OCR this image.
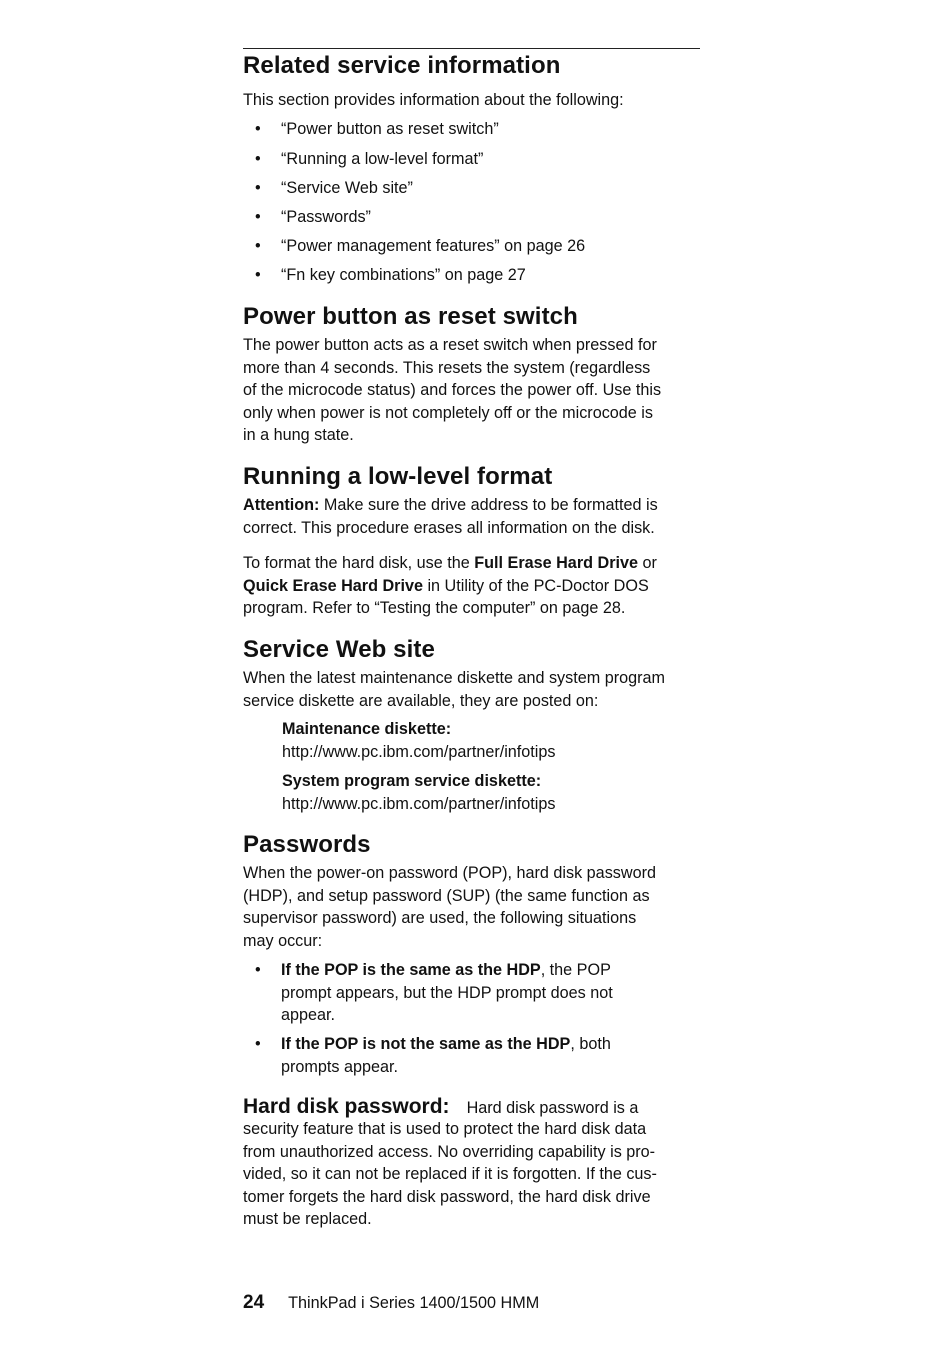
Related service information

This section provides information about the following:

• “Power button as reset switch”
• “Running a low-level format”
• “Service Web site”
• “Passwords”
• “Power management features” on page 26
• “Fn key combinations” on page 27
Power button as reset switch

The power button acts as a reset switch when pressed for

more than 4 seconds. This resets the system (regardless

of the microcode status) and forces the power off. Use this

only when power is not completely off or the microcode is

in a hung state.

Running a low-level format

Attention: Make sure the drive address to be formatted is

correct. This procedure erases all information on the disk.

To format the hard disk, use the Full Erase Hard Drive or

Quick Erase Hard Drive in Utility of the PC-Doctor DOS

program. Refer to “Testing the computer” on page 28.

Service Web site

When the latest maintenance diskette and system program

service diskette are available, they are posted on:

Maintenance diskette:
http://www.pc.ibm.com/partner/infotips
System program service diskette:
http://www.pc.ibm.com/partner/infotips
Passwords

When the power-on password (POP), hard disk password

(HDP), and setup password (SUP) (the same function as

supervisor password) are used, the following situations

may occur:

• If the POP is the same as the HDP, the POP
prompt appears, but the HDP prompt does not
appear.
• If the POP is not the same as the HDP, both
prompts appear.
Hard disk password: Hard disk password is a

security feature that is used to protect the hard disk data

from unauthorized access. No overriding capability is pro-

vided, so it can not be replaced if it is forgotten. If the cus-

tomer forgets the hard disk password, the hard disk drive

must be replaced.

24 ThinkPad i Series 1400/1500 HMM
